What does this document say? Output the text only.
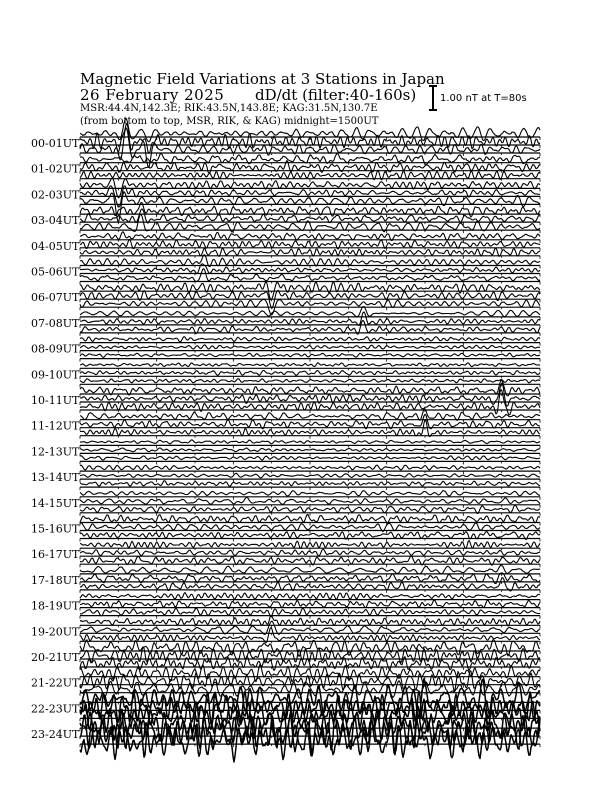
Magnetic Field Variations at 3 Stations in Japan
26 February 2025 dD/dt (filter:40-160s)
MSR:44.4N,142.3E; RIK:43.5N,143.8E; KAG:31.5N,130.7E
(from bottom to top, MSR, RIK, & KAG) midnight=1500UT
1.00 nT at T=80s
00-01UT
01-02UT
02-03UT
03-04UT
04-05UT
05-06UT
06-07UT
07-08UT
08-09UT
09-10UT
10-11UT
11-12UT
12-13UT
13-14UT
14-15UT
15-16UT
16-17UT
17-18UT
18-19UT
19-20UT
20-21UT
21-22UT
22-23UT
23-24UT
